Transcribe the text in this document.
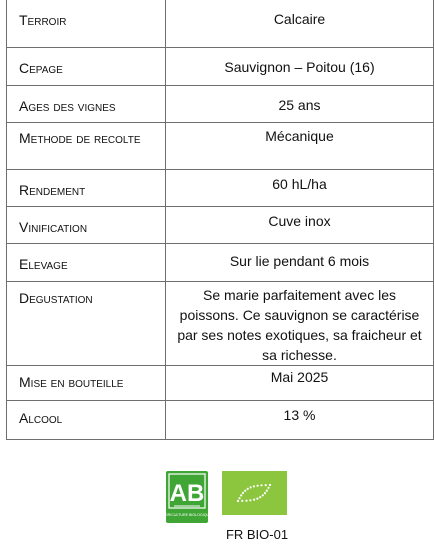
Terroir	Calcaire
Cepage	Sauvignon – Poitou (16)
Ages des vignes	25 ans
Methode de recolte	Mécanique
Rendement	60 hL/ha
Vinification	Cuve inox
Elevage	Sur lie pendant 6 mois
Degustation	Se marie parfaitement avec les poissons. Ce sauvignon se caractérise par ses notes exotiques, sa fraicheur et sa richesse.
Mise en bouteille	Mai 2025
Alcool	13 %
AB
AGRICULTURE BIOLOGIQUE
FR BIO-01
